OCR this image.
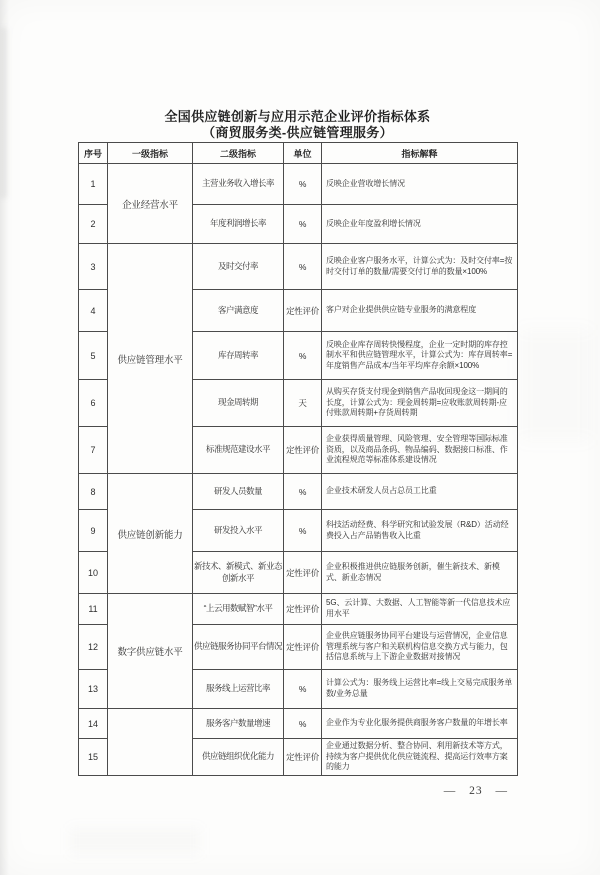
全国供应链创新与应用示范企业评价指标体系
（商贸服务类-供应链管理服务）
序号	一级指标	二级指标	单位	指标解释
1	企业经营水平	主营业务收入增长率	%	反映企业营收增长情况
2		年度利润增长率	%	反映企业年度盈利增长情况
3	供应链管理水平	及时交付率	%	反映企业客户服务水平，计算公式为：及时交付率=按时交付订单的数量/需要交付订单的数量×100%
4		客户满意度	定性评价	客户对企业提供供应链专业服务的满意程度
5		库存周转率	%	反映企业库存周转快慢程度，企业一定时期的库存控制水平和供应链管理水平，计算公式为：库存周转率=年度销售产品成本/当年平均库存余额×100%
6		现金周转期	天	从购买存货支付现金到销售产品收回现金这一期间的长度，计算公式为：现金周转期=应收账款周转期-应付账款周转期+存货周转期
7		标准规范建设水平	定性评价	企业获得质量管理、风险管理、安全管理等国际标准资质，以及商品条码、物品编码、数据接口标准、作业流程规范等标准体系建设情况
8	供应链创新能力	研发人员数量	%	企业技术研发人员占总员工比重
9		研发投入水平	%	科技活动经费、科学研究和试验发展（R&D）活动经费投入占产品销售收入比重
10		新技术、新模式、新业态创新水平	定性评价	企业积极推进供应链服务创新，催生新技术、新模式、新业态情况
11	数字供应链水平	“上云用数赋智”水平	定性评价	5G、云计算、大数据、人工智能等新一代信息技术应用水平
12		供应链服务协同平台情况	定性评价	企业供应链服务协同平台建设与运营情况，企业信息管理系统与客户和关联机构信息交换方式与能力，包括信息系统与上下游企业数据对接情况
13		服务线上运营比率	%	计算公式为：服务线上运营比率=线上交易完成服务单数/业务总量
14		服务客户数量增速	%	企业作为专业化服务提供商服务客户数量的年增长率
15		供应链组织优化能力	定性评价	企业通过数据分析、整合协同、利用新技术等方式，持续为客户提供优化供应链流程、提高运行效率方案的能力
— 23 —
